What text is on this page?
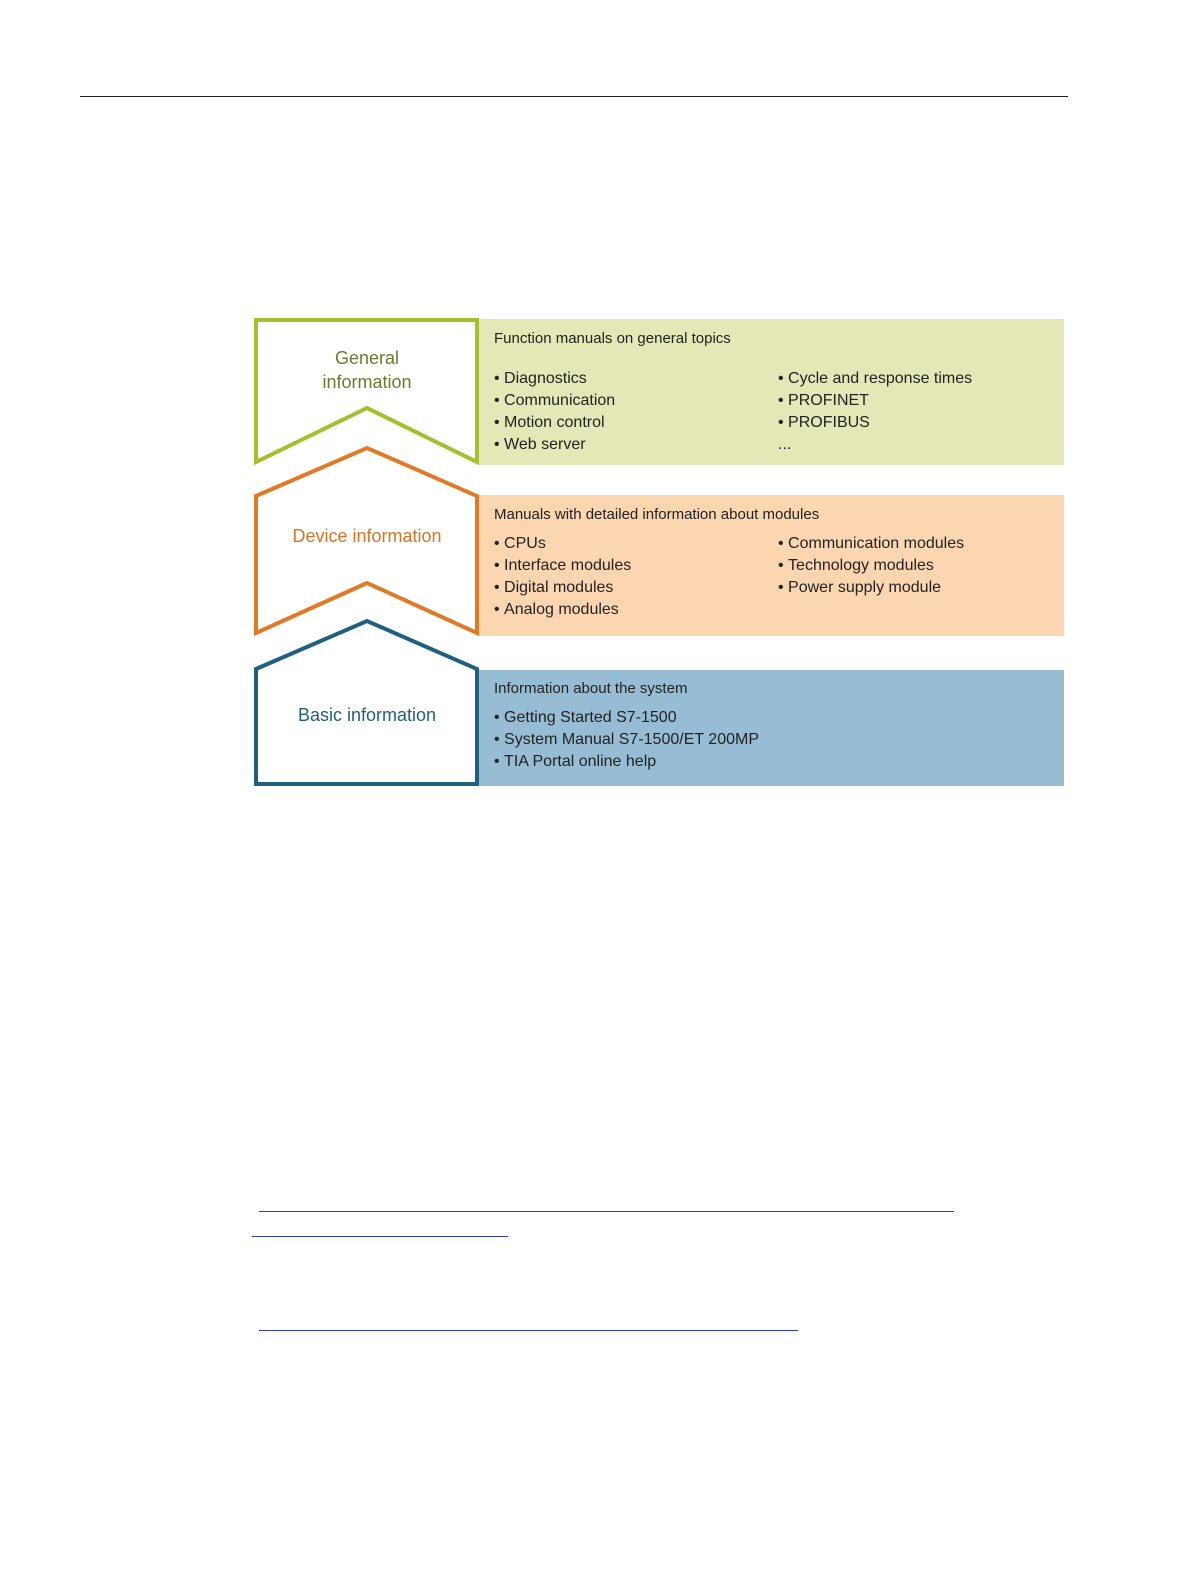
General
information
Device information
Basic information
Function manuals on general topics
• Diagnostics
• Communication
• Motion control
• Web server
• Cycle and response times
• PROFINET
• PROFIBUS
...
Manuals with detailed information about modules
• CPUs
• Interface modules
• Digital modules
• Analog modules
• Communication modules
• Technology modules
• Power supply module
Information about the system
• Getting Started S7-1500
• System Manual S7-1500/ET 200MP
• TIA Portal online help
